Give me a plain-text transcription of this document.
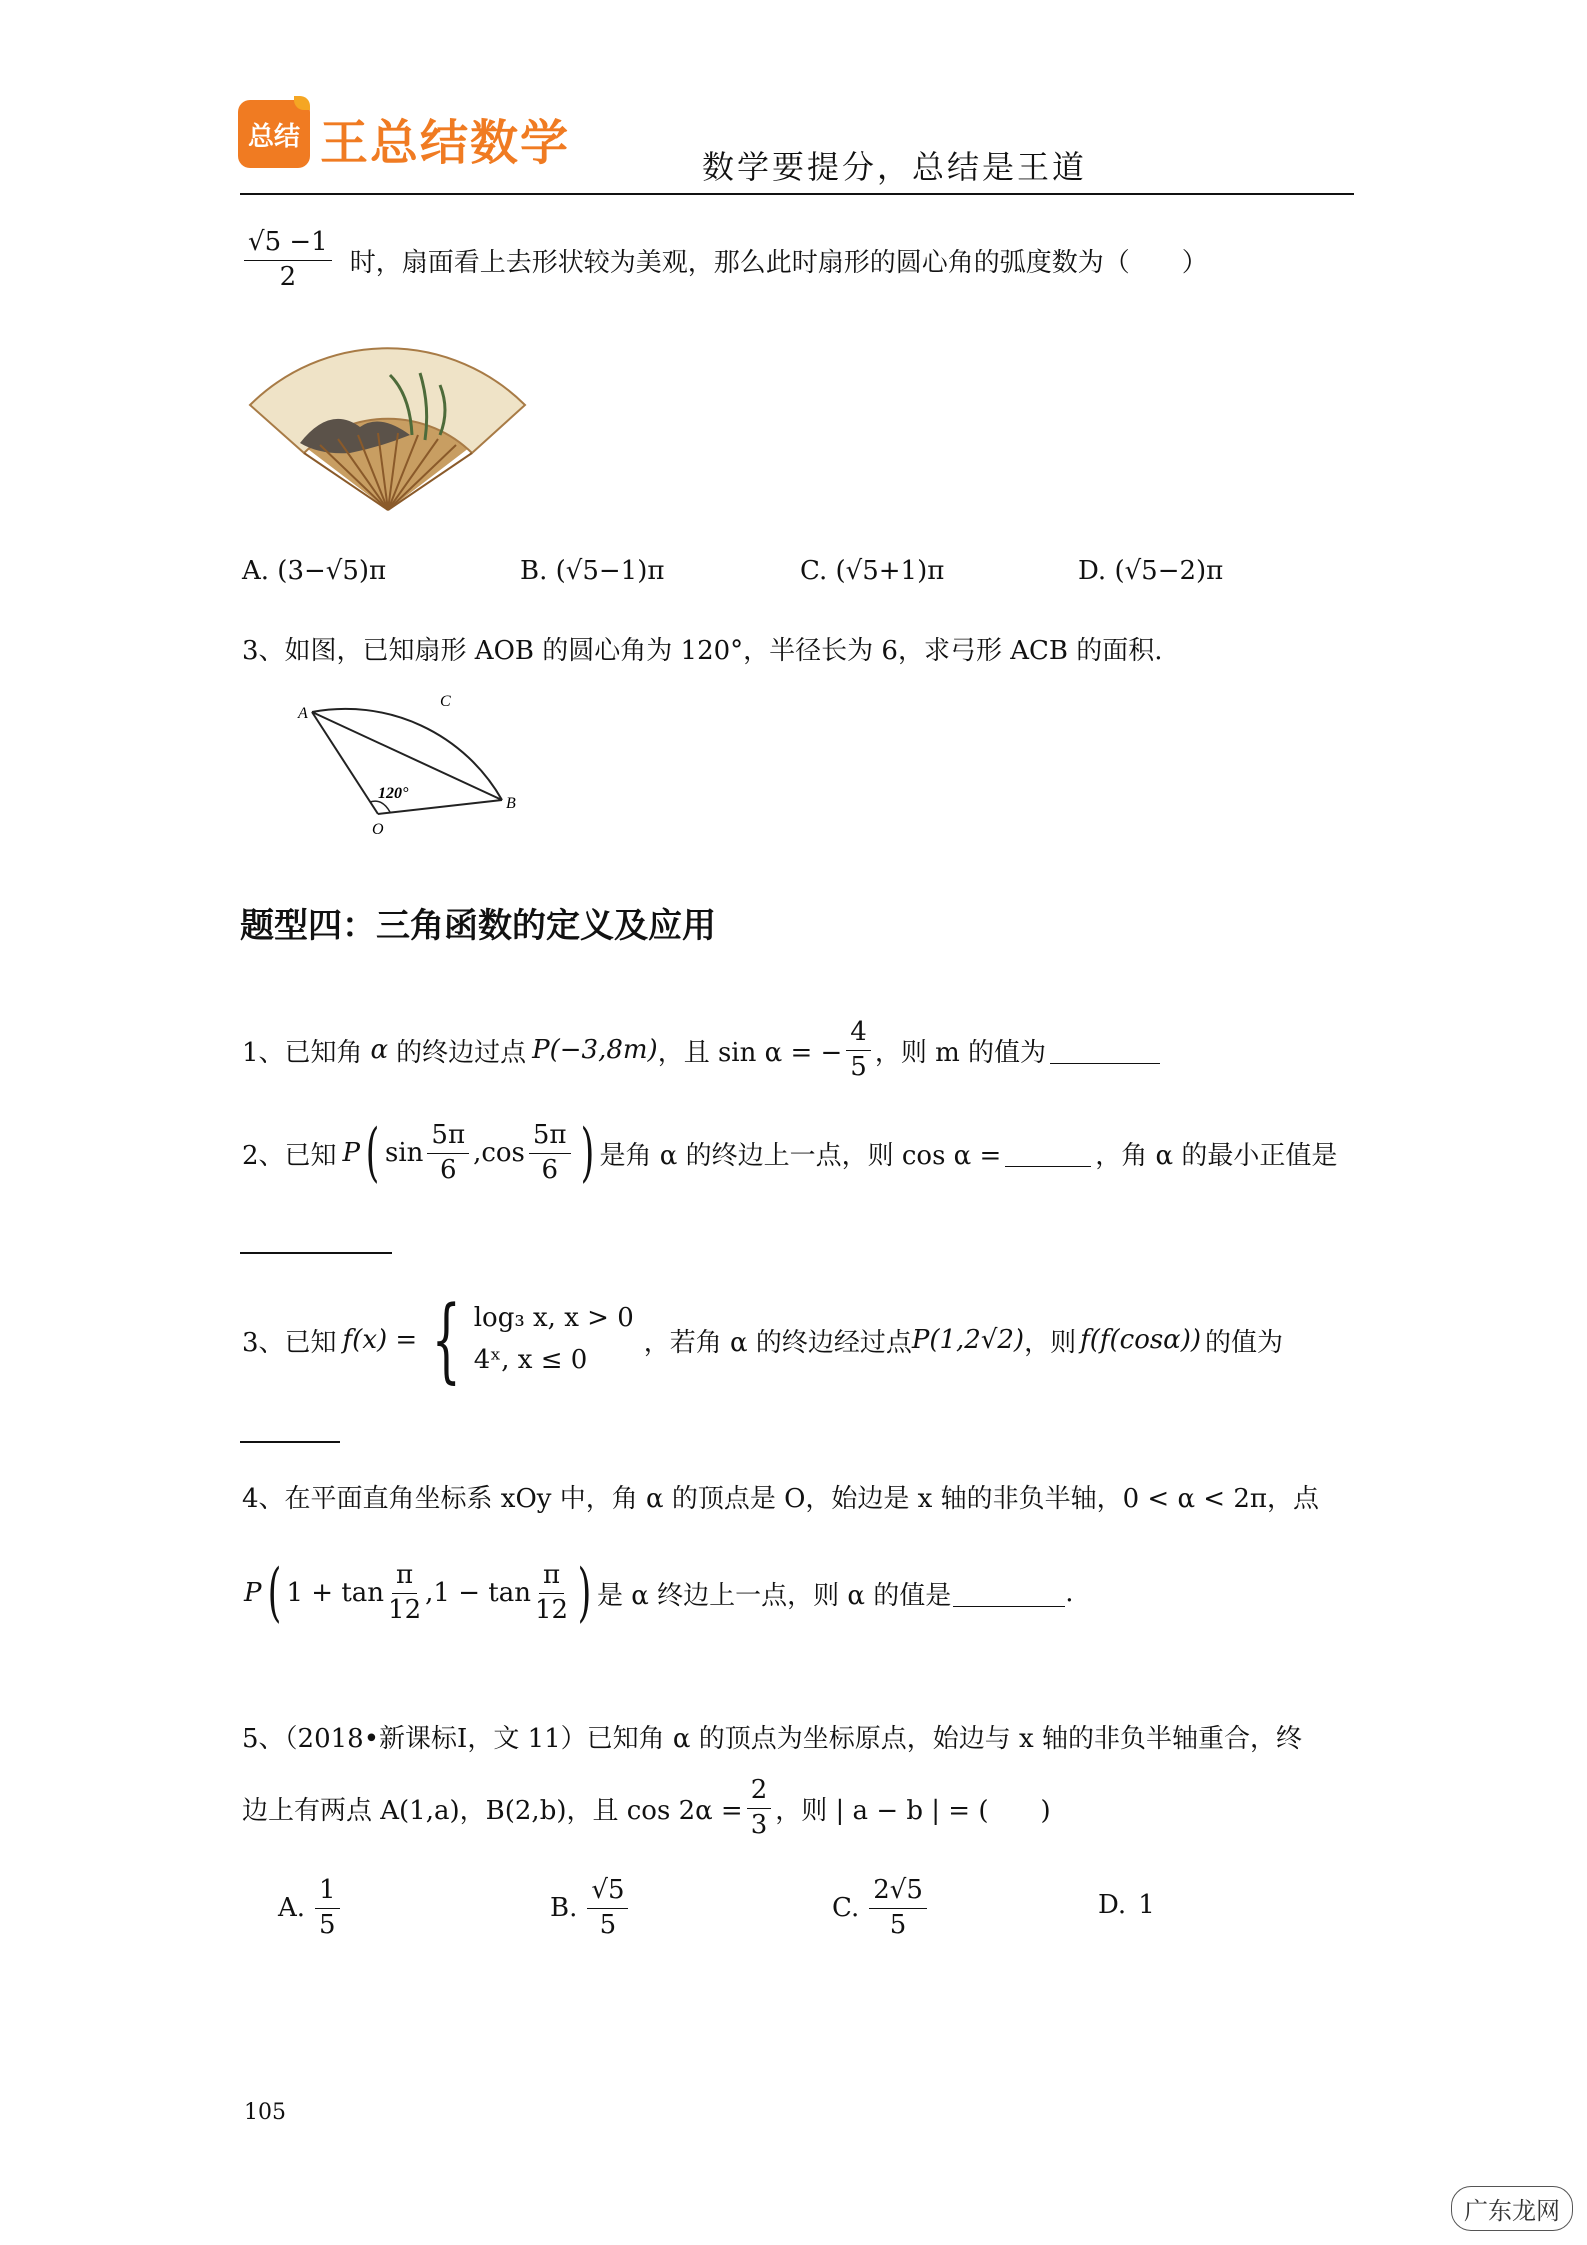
总结 王总结数学	数学要提分，总结是王道
$\frac{√5 -1}{2}$ 时，扇面看上去形状较为美观，那么此时扇形的圆心角的弧度数为（　　）
A. (3−√5)π	B. (√5−1)π	C. (√5+1)π	D. (√5−2)π
3、如图，已知扇形 AOB 的圆心角为 120°，半径长为 6，求弓形 ACB 的面积.
A
C
B
O
120°
题型四：三角函数的定义及应用
1、已知角 α 的终边过点 P(−3,8m) ，且 sin α = − $\frac{4}{5}$ ，则 m 的值为
2、已知 P ( $\sin \frac{5\pi}{6} ,\cos \frac{5\pi}{6}$ ) 是角 α 的终边上一点，则 cos α =	，角 α 的最小正值是
3、已知 f(x) = { log₃ x, x > 0
4ˣ, x ≤ 0
，若角 α 的终边经过点 P(1,2√2) ，则 f(f(cosα)) 的值为
4、在平面直角坐标系 xOy 中，角 α 的顶点是 O，始边是 x 轴的非负半轴，0 < α < 2π，点
P ( $1 + \tan \frac{\pi}{12} ,1 - \tan \frac{\pi}{12}$ ) 是 α 终边上一点，则 α 的值是	.
5、（2018•新课标Ⅰ，文 11）已知角 α 的顶点为坐标原点，始边与 x 轴的非负半轴重合，终
边上有两点 A(1,a)，B(2,b)，且 $\cos 2\alpha = \frac{2}{3}$ ，则 | a − b | = (　　)
A. $\frac{1}{5}$	B. $\frac{√5}{5}$	C. $\frac{2√5}{5}$	D. 1
105
广东龙网
